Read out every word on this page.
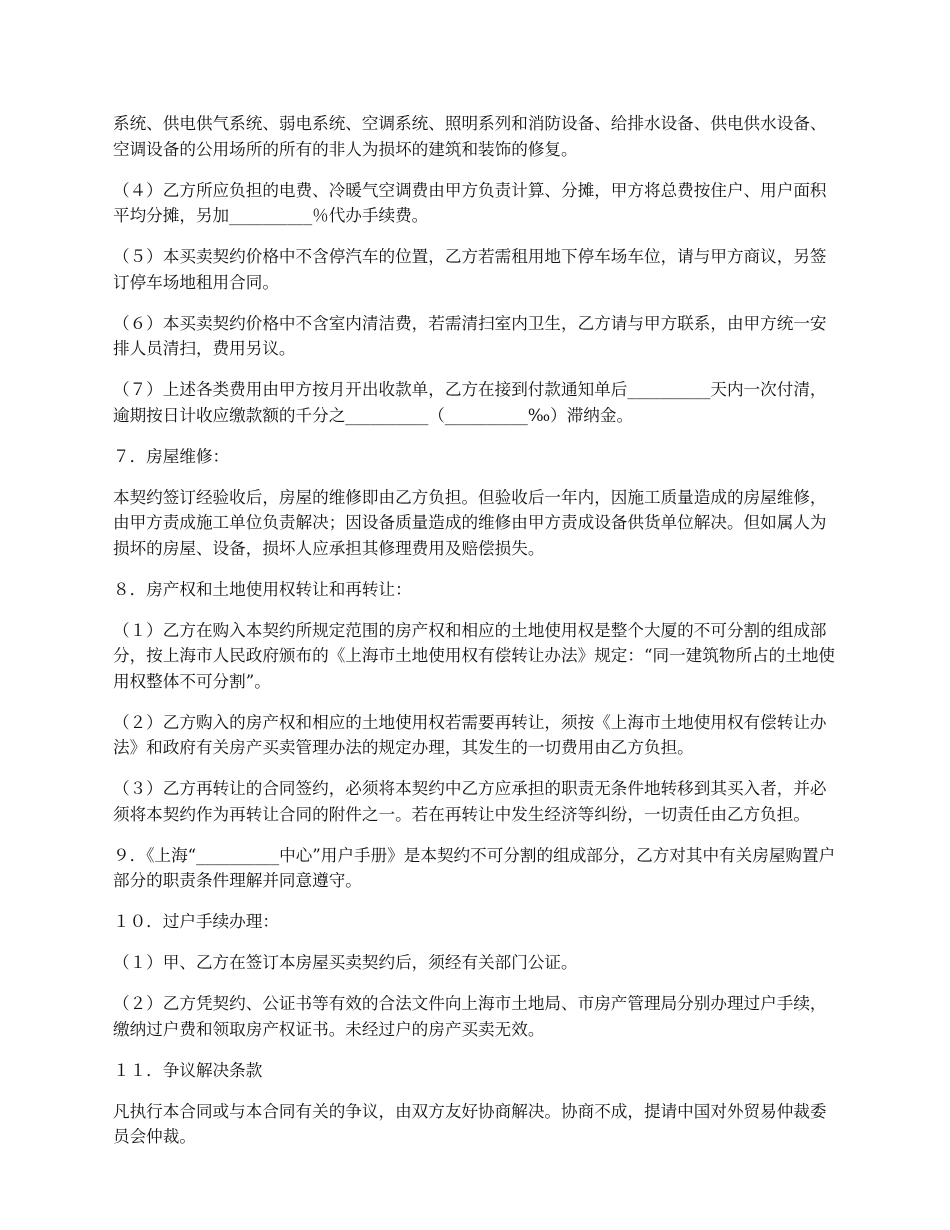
系统、供电供气系统、弱电系统、空调系统、照明系列和消防设备、给排水设备、供电供水设备、空调设备的公用场所的所有的非人为损坏的建筑和装饰的修复。

（４）乙方所应负担的电费、冷暖气空调费由甲方负责计算、分摊，甲方将总费按住户、用户面积平均分摊，另加__________％代办手续费。

（５）本买卖契约价格中不含停汽车的位置，乙方若需租用地下停车场车位，请与甲方商议，另签订停车场地租用合同。

（６）本买卖契约价格中不含室内清洁费，若需清扫室内卫生，乙方请与甲方联系，由甲方统一安排人员清扫，费用另议。

（７）上述各类费用由甲方按月开出收款单，乙方在接到付款通知单后__________天内一次付清，逾期按日计收应缴款额的千分之__________（__________‰）滞纳金。

７．房屋维修：

本契约签订经验收后，房屋的维修即由乙方负担。但验收后一年内，因施工质量造成的房屋维修，由甲方责成施工单位负责解决；因设备质量造成的维修由甲方责成设备供货单位解决。但如属人为损坏的房屋、设备，损坏人应承担其修理费用及赔偿损失。

８．房产权和土地使用权转让和再转让：

（１）乙方在购入本契约所规定范围的房产权和相应的土地使用权是整个大厦的不可分割的组成部分，按上海市人民政府颁布的《上海市土地使用权有偿转让办法》规定：“同一建筑物所占的土地使用权整体不可分割”。

（２）乙方购入的房产权和相应的土地使用权若需要再转让，须按《上海市土地使用权有偿转让办法》和政府有关房产买卖管理办法的规定办理，其发生的一切费用由乙方负担。

（３）乙方再转让的合同签约，必须将本契约中乙方应承担的职责无条件地转移到其买入者，并必须将本契约作为再转让合同的附件之一。若在再转让中发生经济等纠纷，一切责任由乙方负担。

９．《上海“__________中心”用户手册》是本契约不可分割的组成部分，乙方对其中有关房屋购置户部分的职责条件理解并同意遵守。

１０．过户手续办理：

（１）甲、乙方在签订本房屋买卖契约后，须经有关部门公证。

（２）乙方凭契约、公证书等有效的合法文件向上海市土地局、市房产管理局分别办理过户手续，缴纳过户费和领取房产权证书。未经过户的房产买卖无效。

１１．争议解决条款

凡执行本合同或与本合同有关的争议，由双方友好协商解决。协商不成，提请中国对外贸易仲裁委员会仲裁。
